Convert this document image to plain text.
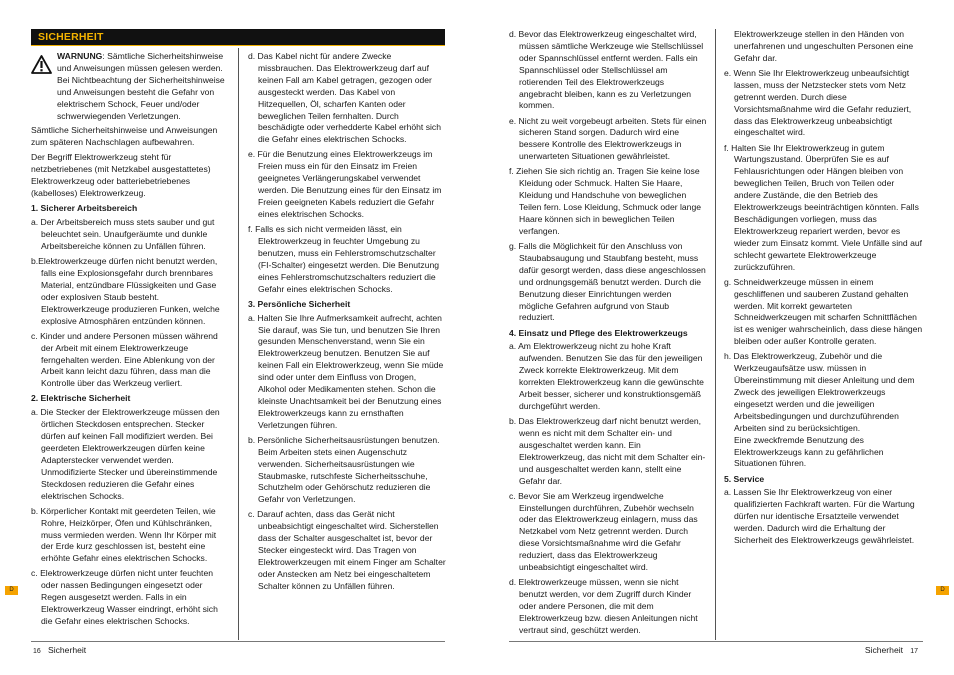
SICHERHEIT
WARNUNG: Sämtliche Sicherheitshinweise und Anweisungen müssen gelesen werden. Bei Nichtbeachtung der Sicherheitshinweise und Anweisungen besteht die Gefahr von elektrischem Schock, Feuer und/oder schwerwiegenden Verletzungen.

Sämtliche Sicherheitshinweise und Anweisungen zum späteren Nachschlagen aufbewahren.

Der Begriff Elektrowerkzeug steht für netzbetriebenes (mit Netzkabel ausgestattetes) Elektrowerkzeug oder batteriebetriebenes (kabelloses) Elektrowerkzeug.

1. Sicherer Arbeitsbereich

a. Der Arbeitsbereich muss stets sauber und gut beleuchtet sein. Unaufgeräumte und dunkle Arbeitsbereiche können zu Unfällen führen.

b.Elektrowerkzeuge dürfen nicht benutzt werden, falls eine Explosionsgefahr durch brennbares Material, entzündbare Flüssigkeiten und Gase oder explosiven Staub besteht. Elektrowerkzeuge produzieren Funken, welche explosive Atmosphären entzünden können.

c. Kinder und andere Personen müssen während der Arbeit mit einem Elektrowerkzeuge ferngehalten werden. Eine Ablenkung von der Arbeit kann leicht dazu führen, dass man die Kontrolle über das Werkzeug verliert.

2. Elektrische Sicherheit

a. Die Stecker der Elektrowerkzeuge müssen den örtlichen Steckdosen entsprechen. Stecker dürfen auf keinen Fall modifiziert werden. Bei geerdeten Elektrowerkzeugen dürfen keine Adapterstecker verwendet werden. Unmodifizierte Stecker und übereinstimmende Steckdosen reduzieren die Gefahr eines elektrischen Schocks.

b. Körperlicher Kontakt mit geerdeten Teilen, wie Rohre, Heizkörper, Öfen und Kühlschränken, muss vermieden werden. Wenn Ihr Körper mit der Erde kurz geschlossen ist, besteht eine erhöhte Gefahr eines elektrischen Schocks.

c. Elektrowerkzeuge dürfen nicht unter feuchten oder nassen Bedingungen eingesetzt oder Regen ausgesetzt werden. Falls in ein Elektrowerkzeug Wasser eindringt, erhöht sich die Gefahr eines elektrischen Schocks.

d. Das Kabel nicht für andere Zwecke missbrauchen. Das Elektrowerkzeug darf auf keinen Fall am Kabel getragen, gezogen oder ausgesteckt werden. Das Kabel von Hitzequellen, Öl, scharfen Kanten oder beweglichen Teilen fernhalten. Durch beschädigte oder verhedderte Kabel erhöht sich die Gefahr eines elektrischen Schocks.

e. Für die Benutzung eines Elektrowerkzeugs im Freien muss ein für den Einsatz im Freien geeignetes Verlängerungskabel verwendet werden. Die Benutzung eines für den Einsatz im Freien geeigneten Kabels reduziert die Gefahr eines elektrischen Schocks.

f. Falls es sich nicht vermeiden lässt, ein Elektrowerkzeug in feuchter Umgebung zu benutzen, muss ein Fehlerstromschutzschalter (FI-Schalter) eingesetzt werden. Die Benutzung eines Fehlerstromschutzschalters reduziert die Gefahr eines elektrischen Schocks.

3. Persönliche Sicherheit

a. Halten Sie Ihre Aufmerksamkeit aufrecht, achten Sie darauf, was Sie tun, und benutzen Sie Ihren gesunden Menschenverstand, wenn Sie ein Elektrowerkzeug benutzen. Benutzen Sie auf keinen Fall ein Elektrowerkzeug, wenn Sie müde sind oder unter dem Einfluss von Drogen, Alkohol oder Medikamenten stehen. Schon die kleinste Unachtsamkeit bei der Benutzung eines Elektrowerkzeugs kann zu ernsthaften Verletzungen führen.

b. Persönliche Sicherheitsausrüstungen benutzen. Beim Arbeiten stets einen Augenschutz verwenden. Sicherheitsausrüstungen wie Staubmaske, rutschfeste Sicherheitsschuhe, Schutzhelm oder Gehörschutz reduzieren die Gefahr von Verletzungen.

c. Darauf achten, dass das Gerät nicht unbeabsichtigt eingeschaltet wird. Sicherstellen dass der Schalter ausgeschaltet ist, bevor der Stecker eingesteckt wird. Das Tragen von Elektrowerkzeugen mit einem Finger am Schalter oder Anstecken am Netz bei eingeschaltetem Schalter können zu Unfällen führen.

d. Bevor das Elektrowerkzeug eingeschaltet wird, müssen sämtliche Werkzeuge wie Stellschlüssel oder Spannschlüssel entfernt werden. Falls ein Spannschlüssel oder Stellschlüssel am rotierenden Teil des Elektrowerkzeugs angebracht bleiben, kann es zu Verletzungen kommen.

e. Nicht zu weit vorgebeugt arbeiten. Stets für einen sicheren Stand sorgen. Dadurch wird eine bessere Kontrolle des Elektrowerkzeugs in unerwarteten Situationen gewährleistet.

f. Ziehen Sie sich richtig an. Tragen Sie keine lose Kleidung oder Schmuck. Halten Sie Haare, Kleidung und Handschuhe von beweglichen Teilen fern. Lose Kleidung, Schmuck oder lange Haare können sich in beweglichen Teilen verfangen.

g. Falls die Möglichkeit für den Anschluss von Staubabsaugung und Staubfang besteht, muss dafür gesorgt werden, dass diese angeschlossen und ordnungsgemäß benutzt werden. Durch die Benutzung dieser Einrichtungen werden mögliche Gefahren aufgrund von Staub reduziert.

4. Einsatz und Pflege des Elektrowerkzeugs

a. Am Elektrowerkzeug nicht zu hohe Kraft aufwenden. Benutzen Sie das für den jeweiligen Zweck korrekte Elektrowerkzeug. Mit dem korrekten Elektrowerkzeug kann die gewünschte Arbeit besser, sicherer und konstruktionsgemäß durchgeführt werden.

b. Das Elektrowerkzeug darf nicht benutzt werden, wenn es nicht mit dem Schalter ein- und ausgeschaltet werden kann. Ein Elektrowerkzeug, das nicht mit dem Schalter ein- und ausgeschaltet werden kann, stellt eine Gefahr dar.

c. Bevor Sie am Werkzeug irgendwelche Einstellungen durchführen, Zubehör wechseln oder das Elektrowerkzeug einlagern, muss das Netzkabel vom Netz getrennt werden. Durch diese Vorsichtsmaßnahme wird die Gefahr reduziert, dass das Elektrowerkzeug unbeabsichtigt eingeschaltet wird.

d. Elektrowerkzeuge müssen, wenn sie nicht benutzt werden, vor dem Zugriff durch Kinder oder andere Personen, die mit dem Elektrowerkzeug bzw. diesen Anleitungen nicht vertraut sind, geschützt werden.

Elektrowerkzeuge stellen in den Händen von unerfahrenen und ungeschulten Personen eine Gefahr dar.

e. Wenn Sie Ihr Elektrowerkzeug unbeaufsichtigt lassen, muss der Netzstecker stets vom Netz getrennt werden. Durch diese Vorsichtsmaßnahme wird die Gefahr reduziert, dass das Elektrowerkzeug unbeabsichtigt eingeschaltet wird.

f. Halten Sie Ihr Elektrowerkzeug in gutem Wartungszustand. Überprüfen Sie es auf Fehlausrichtungen oder Hängen bleiben von beweglichen Teilen, Bruch von Teilen oder andere Zustände, die den Betrieb des Elektrowerkzeugs beeinträchtigen könnten. Falls Beschädigungen vorliegen, muss das Elektrowerkzeug repariert werden, bevor es wieder zum Einsatz kommt. Viele Unfälle sind auf schlecht gewartete Elektrowerkzeuge zurückzuführen.

g. Schneidwerkzeuge müssen in einem geschliffenen und sauberen Zustand gehalten werden. Mit korrekt gewarteten Schneidwerkzeugen mit scharfen Schnittflächen ist es weniger wahrscheinlich, dass diese hängen bleiben oder außer Kontrolle geraten.

h. Das Elektrowerkzeug, Zubehör und die Werkzeugaufsätze usw. müssen in Übereinstimmung mit dieser Anleitung und dem Zweck des jeweiligen Elektrowerkzeugs eingesetzt werden und die jeweiligen Arbeitsbedingungen und durchzuführenden Arbeiten sind zu berücksichtigen.

Eine zweckfremde Benutzung des Elektrowerkzeugs kann zu gefährlichen Situationen führen.

5. Service

a. Lassen Sie Ihr Elektrowerkzeug von einer qualifizierten Fachkraft warten. Für die Wartung dürfen nur identische Ersatzteile verwendet werden. Dadurch wird die Erhaltung der Sicherheit des Elektrowerkzeugs gewährleistet.

D	D
16 Sicherheit	Sicherheit 17
